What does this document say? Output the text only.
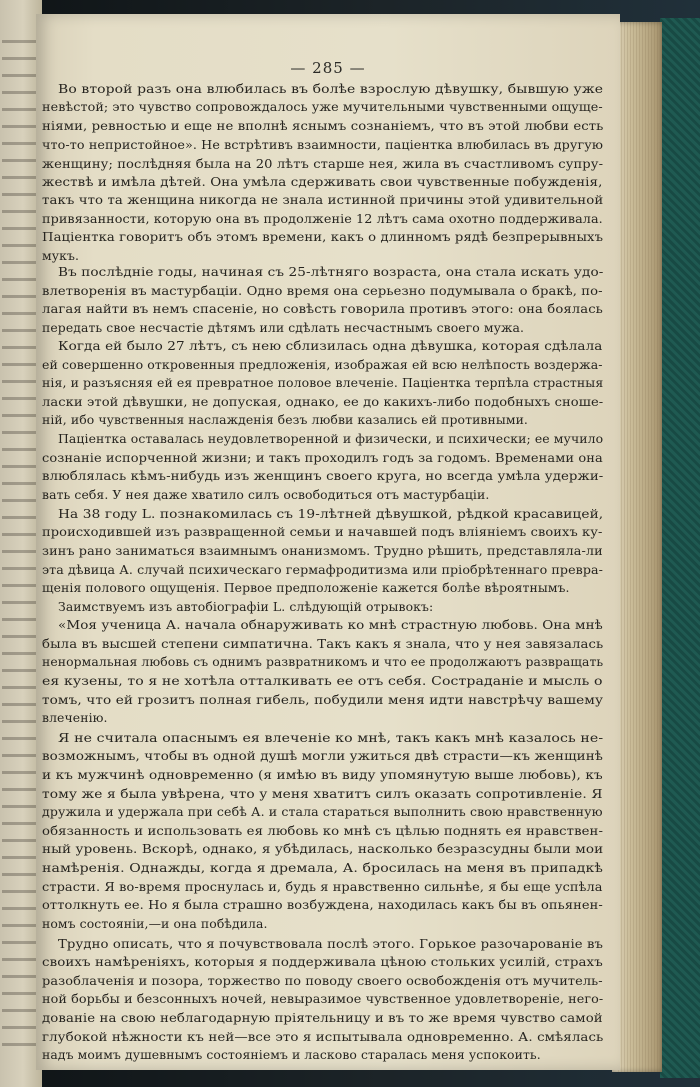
— 285 —
Во второй разъ она влюбилась въ болѣе взрослую дѣвушку, бывшую уже
невѣстой; это чувство сопровождалось уже мучительными чувственными ощуще-
ніями, ревностью и еще не вполнѣ яснымъ сознаніемъ, что въ этой любви есть
что-то непристойное». Не встрѣтивъ взаимности, паціентка влюбилась въ другую
женщину; послѣдняя была на 20 лѣтъ старше нея, жила въ счастливомъ супру-
жествѣ и имѣла дѣтей. Она умѣла сдерживать свои чувственные побужденія,
такъ что та женщина никогда не знала истинной причины этой удивительной
привязанности, которую она въ продолженіе 12 лѣтъ сама охотно поддерживала.
Паціентка говоритъ объ этомъ времени, какъ о длинномъ рядѣ безпрерывныхъ
мукъ.
Въ послѣдніе годы, начиная съ 25-лѣтняго возраста, она стала искать удо-
влетворенія въ мастурбаціи. Одно время она серьезно подумывала о бракѣ, по-
лагая найти въ немъ спасеніе, но совѣсть говорила противъ этого: она боялась
передать свое несчастіе дѣтямъ или сдѣлать несчастнымъ своего мужа.
Когда ей было 27 лѣтъ, съ нею сблизилась одна дѣвушка, которая сдѣлала
ей совершенно откровенныя предложенія, изображая ей всю нелѣпость воздержа-
нія, и разъясняя ей ея превратное половое влеченіе. Паціентка терпѣла страстныя
ласки этой дѣвушки, не допуская, однако, ее до какихъ-либо подобныхъ сноше-
ній, ибо чувственныя наслажденія безъ любви казались ей противными.
Паціентка оставалась неудовлетворенной и физически, и психически; ее мучило
сознаніе испорченной жизни; и такъ проходилъ годъ за годомъ. Временами она
влюблялась кѣмъ-нибудь изъ женщинъ своего круга, но всегда умѣла удержи-
вать себя. У нея даже хватило силъ освободиться отъ мастурбаціи.
На 38 году L. познакомилась съ 19-лѣтней дѣвушкой, рѣдкой красавицей,
происходившей изъ развращенной семьи и начавшей подъ вліяніемъ своихъ ку-
зинъ рано заниматься взаимнымъ онанизмомъ. Трудно рѣшить, представляла-ли
эта дѣвица А. случай психическаго гермафродитизма или пріобрѣтеннаго превра-
щенія полового ощущенія. Первое предположеніе кажется болѣе вѣроятнымъ.
Заимствуемъ изъ автобіографіи L. слѣдующій отрывокъ:
«Моя ученица А. начала обнаруживать ко мнѣ страстную любовь. Она мнѣ
была въ высшей степени симпатична. Такъ какъ я знала, что у нея завязалась
ненормальная любовь съ однимъ развратникомъ и что ее продолжаютъ развращать
ея кузены, то я не хотѣла отталкивать ее отъ себя. Состраданіе и мысль о
томъ, что ей грозитъ полная гибель, побудили меня идти навстрѣчу вашему
влеченію.
Я не считала опаснымъ ея влеченіе ко мнѣ, такъ какъ мнѣ казалось не-
возможнымъ, чтобы въ одной душѣ могли ужиться двѣ страсти—къ женщинѣ
и къ мужчинѣ одновременно (я имѣю въ виду упомянутую выше любовь), къ
тому же я была увѣрена, что у меня хватитъ силъ оказать сопротивленіе. Я
дружила и удержала при себѣ А. и стала стараться выполнить свою нравственную
обязанность и использовать ея любовь ко мнѣ съ цѣлью поднять ея нравствен-
ный уровень. Вскорѣ, однако, я убѣдилась, насколько безразсудны были мои
намѣренія. Однажды, когда я дремала, А. бросилась на меня въ припадкѣ
страсти. Я во-время проснулась и, будь я нравственно сильнѣе, я бы еще успѣла
оттолкнуть ее. Но я была страшно возбуждена, находилась какъ бы въ опьянен-
номъ состояніи,—и она побѣдила.
Трудно описать, что я почувствовала послѣ этого. Горькое разочарованіе въ
своихъ намѣреніяхъ, которыя я поддерживала цѣною стольких усилій, страхъ
разоблаченія и позора, торжество по поводу своего освобожденія отъ мучитель-
ной борьбы и безсонныхъ ночей, невыразимое чувственное удовлетвореніе, него-
дованіе на свою неблагодарную пріятельницу и въ то же время чувство самой
глубокой нѣжности къ ней—все это я испытывала одновременно. А. смѣялась
надъ моимъ душевнымъ состояніемъ и ласково старалась меня успокоить.
